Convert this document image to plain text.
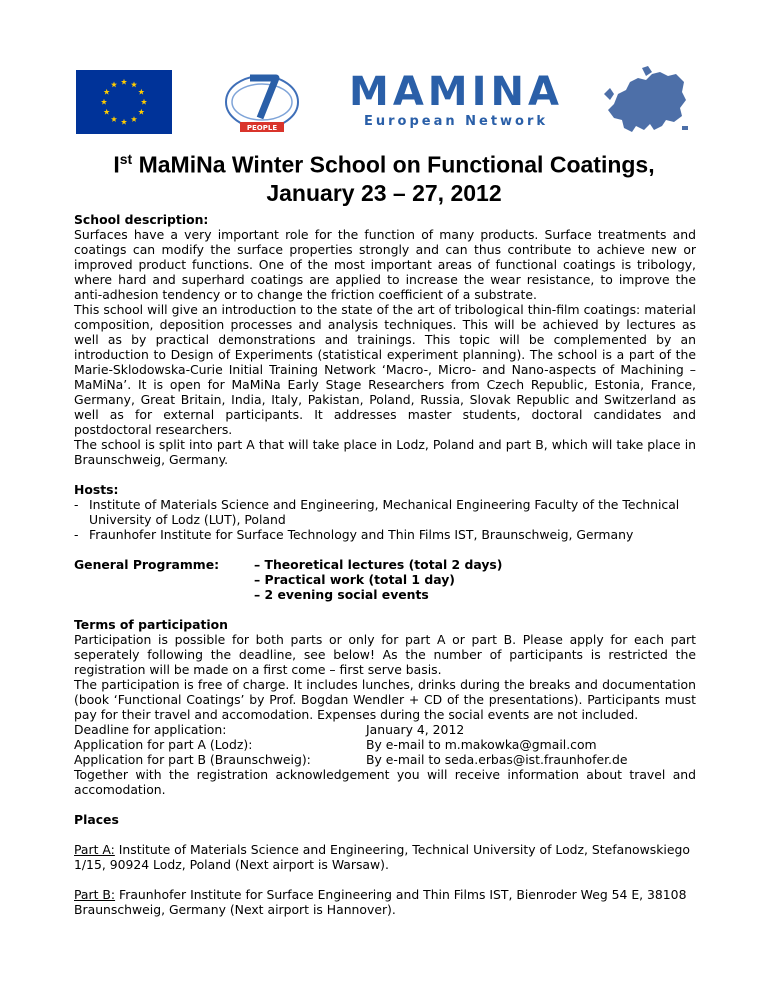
PEOPLE
MAMINA
European Network
Ist MaMiNa Winter School on Functional Coatings,
January 23 – 27, 2012

School description:

Surfaces have a very important role for the function of many products. Surface treatments and coatings can modify the surface properties strongly and can thus contribute to achieve new or improved product functions. One of the most important areas of functional coatings is tribology, where hard and superhard coatings are applied to increase the wear resistance, to improve the anti-adhesion tendency or to change the friction coefficient of a substrate.

This school will give an introduction to the state of the art of tribological thin-film coatings: material composition, deposition processes and analysis techniques. This will be achieved by lectures as well as by practical demonstrations and trainings. This topic will be complemented by an introduction to Design of Experiments (statistical experiment planning). The school is a part of the Marie-Sklodowska-Curie Initial Training Network ‘Macro-, Micro- and Nano-aspects of Machining – MaMiNa’. It is open for MaMiNa Early Stage Researchers from Czech Republic, Estonia, France, Germany, Great Britain, India, Italy, Pakistan, Poland, Russia, Slovak Republic and Switzerland as well as for external participants. It addresses master students, doctoral candidates and postdoctoral researchers.

The school is split into part A that will take place in Lodz, Poland and part B, which will take place in Braunschweig, Germany.

Hosts:

- Institute of Materials Science and Engineering, Mechanical Engineering Faculty of the Technical University of Lodz (LUT), Poland
- Fraunhofer Institute for Surface Technology and Thin Films IST, Braunschweig, Germany
General Programme:	– Theoretical lectures (total 2 days)
– Practical work (total 1 day)
– 2 evening social events

Terms of participation

Participation is possible for both parts or only for part A or part B. Please apply for each part seperately following the deadline, see below! As the number of participants is restricted the registration will be made on a first come – first serve basis.

The participation is free of charge. It includes lunches, drinks during the breaks and documentation (book ‘Functional Coatings’ by Prof. Bogdan Wendler + CD of the presentations). Participants must pay for their travel and accomodation. Expenses during the social events are not included.

Deadline for application:	January 4, 2012
Application for part A (Lodz):	By e-mail to m.makowka@gmail.com
Application for part B (Braunschweig):	By e-mail to seda.erbas@ist.fraunhofer.de

Together with the registration acknowledgement you will receive information about travel and accomodation.

Places

Part A: Institute of Materials Science and Engineering, Technical University of Lodz, Stefanowskiego 1/15, 90924 Lodz, Poland (Next airport is Warsaw).

Part B: Fraunhofer Institute for Surface Engineering and Thin Films IST, Bienroder Weg 54 E, 38108 Braunschweig, Germany (Next airport is Hannover).
